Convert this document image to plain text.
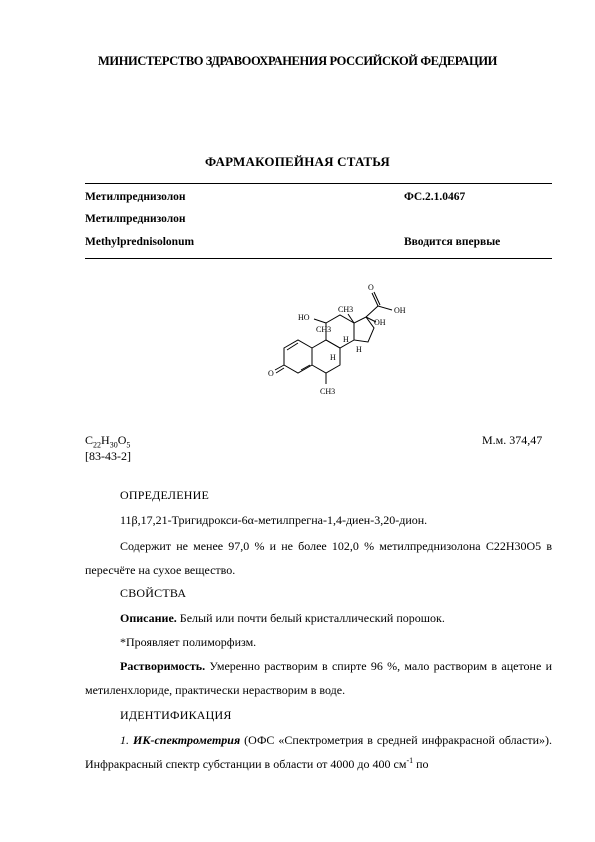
МИНИСТЕРСТВО ЗДРАВООХРАНЕНИЯ РОССИЙСКОЙ ФЕДЕРАЦИИ
ФАРМАКОПЕЙНАЯ СТАТЬЯ
Метилпреднизолон	ФС.2.1.0467
Метилпреднизолон
Methylprednisolonum	Вводится впервые
O
OH
HO
CH3
OH
CH3
H
H
H
O
CH3
$C_{22}H_{30}O_5$
[83-43-2]
М.м. 374,47
ОПРЕДЕЛЕНИЕ
11β,17,21-Тригидрокси-6α-метилпрегна-1,4-диен-3,20-дион.
Содержит не менее 97,0 % и не более 102,0 % метилпреднизолона C22H30O5 в пересчёте на сухое вещество.
СВОЙСТВА
Описание. Белый или почти белый кристаллический порошок.
*Проявляет полиморфизм.
Растворимость. Умеренно растворим в спирте 96 %, мало растворим в ацетоне и метиленхлориде, практически нерастворим в воде.
ИДЕНТИФИКАЦИЯ
1. ИК-спектрометрия (ОФС «Спектрометрия в средней инфракрасной области»). Инфракрасный спектр субстанции в области от 4000 до 400 $см^{-1}$ по
